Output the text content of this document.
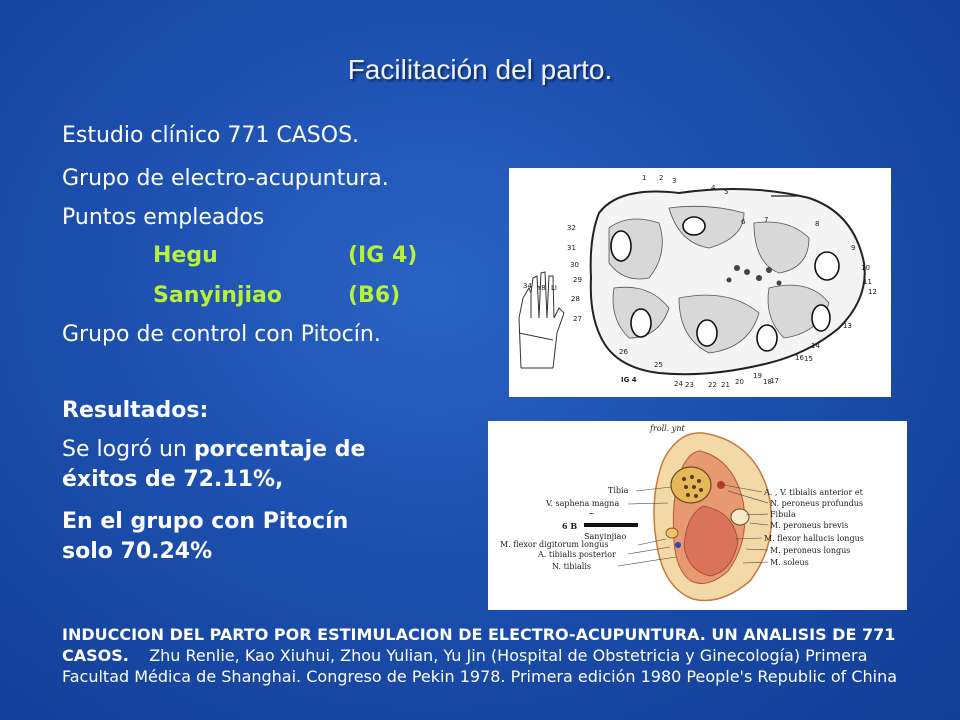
Facilitación del parto.
Estudio clínico 771 CASOS.
Grupo de electro-acupuntura.
Puntos empleados
Hegu	(IG 4)
Sanyinjiao	(B6)
Grupo de control con Pitocín.
Resultados:
Se logró un porcentaje de
éxitos de 72.11%,
En el grupo con Pitocín
solo 70.24%
34 Y8 LI
IG 4
1 2 3
4 5
6	7	8
9
10
11
12
13
14
15
16
17
18
19
20
21
22
23
24
25
26
27
28
29
30
31
32
froll. ynt
Tibia
V. saphena magna
~
6 B
Sanyinjiao
M. flexor digitorum longus
A. tibialis posterior
N. tibialis
A. , V. tibialis anterior et
N. peroneus profundus
Fibula
M. peroneus brevis
M. flexor hallucis longus
M. peroneus longus
M. soleus
INDUCCION DEL PARTO POR ESTIMULACION DE ELECTRO-ACUPUNTURA. UN ANALISIS DE 771 CASOS. Zhu Renlie, Kao Xiuhui, Zhou Yulian, Yu Jin (Hospital de Obstetricia y Ginecología) Primera Facultad Médica de Shanghai. Congreso de Pekin 1978. Primera edición 1980 People's Republic of China
